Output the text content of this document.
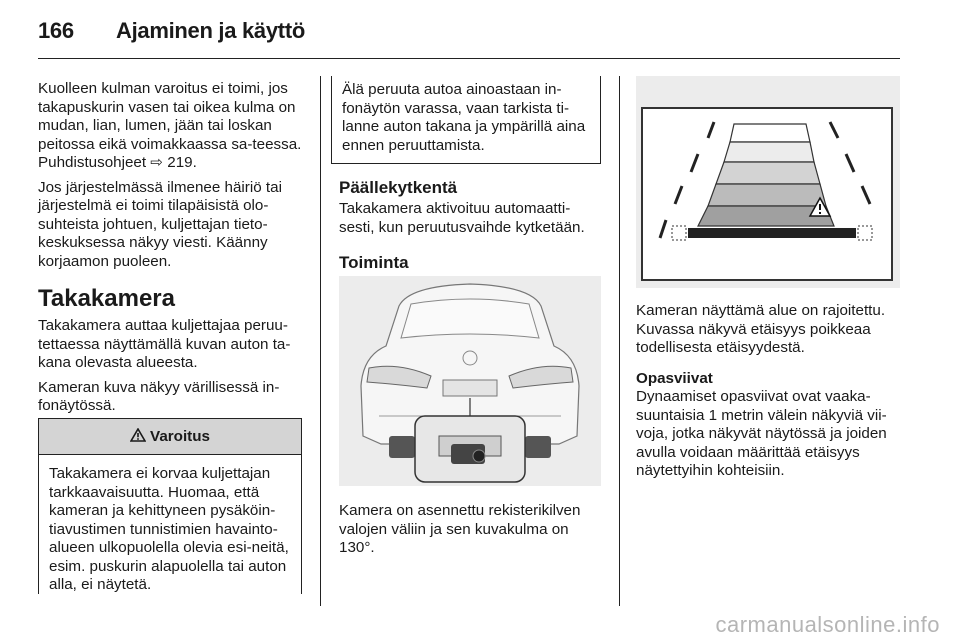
166 Ajaminen ja käyttö

Kuolleen kulman varoitus ei toimi, jos takapuskurin vasen tai oikea kulma on mudan, lian, lumen, jään tai loskan peitossa eikä voimakkaassa sa-teessa. Puhdistusohjeet ⇨ 219.

Jos järjestelmässä ilmenee häiriö tai järjestelmä ei toimi tilapäisistä olo-suhteista johtuen, kuljettajan tieto-keskuksessa näkyy viesti. Käänny korjaamon puoleen.

Takakamera

Takakamera auttaa kuljettajaa peruu-tettaessa näyttämällä kuvan auton ta-kana olevasta alueesta.

Kameran kuva näkyy värillisessä in-fonäytössä.

Varoitus
Takakamera ei korvaa kuljettajan tarkkaavaisuutta. Huomaa, että kameran ja kehittyneen pysäköin-tiavustimen tunnistimien havainto-alueen ulkopuolella olevia esi-neitä, esim. puskurin alapuolella tai auton alla, ei näytetä.
Älä peruuta autoa ainoastaan in-fonäytön varassa, vaan tarkista ti-lanne auton takana ja ympärillä aina ennen peruuttamista.
Päällekytkentä

Takakamera aktivoituu automaatti-sesti, kun peruutusvaihde kytketään.

Toiminta

Kamera on asennettu rekisterikilven valojen väliin ja sen kuvakulma on 130°.

Kameran näyttämä alue on rajoitettu. Kuvassa näkyvä etäisyys poikkeaa todellisesta etäisyydestä.

Opasviivat

Dynaamiset opasviivat ovat vaaka-suuntaisia 1 metrin välein näkyviä vii-voja, jotka näkyvät näytössä ja joiden avulla voidaan määrittää etäisyys näytettyihin kohteisiin.

carmanualsonline.info
